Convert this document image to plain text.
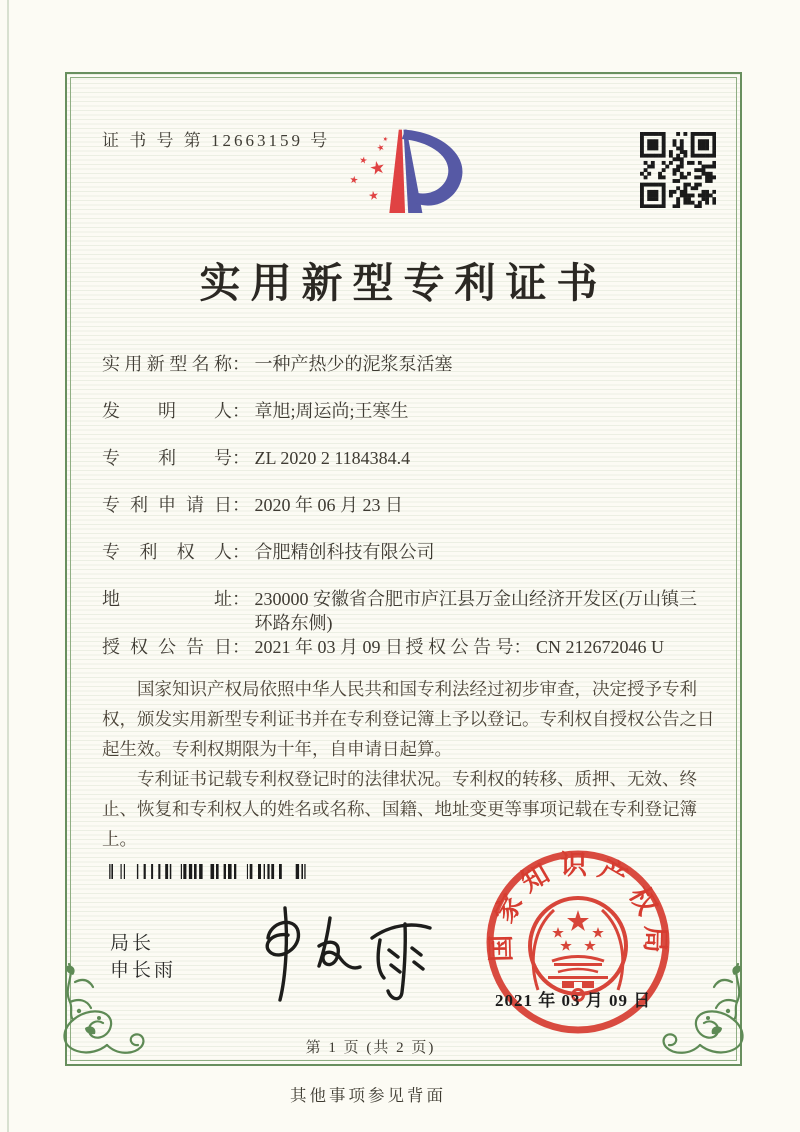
证 书 号 第 12663159 号
实用新型专利证书
实用新型名称： 一种产热少的泥浆泵活塞
发明人： 章旭;周运尚;王寒生
专利号： ZL 2020 2 1184384.4
专利申请日： 2020 年 06 月 23 日
专利权人： 合肥精创科技有限公司
地址： 230000 安徽省合肥市庐江县万金山经济开发区(万山镇三环路东侧)
授权公告日： 2021 年 03 月 09 日 授权公告号： CN 212672046 U

国家知识产权局依照中华人民共和国专利法经过初步审查，决定授予专利权，颁发实用新型专利证书并在专利登记簿上予以登记。专利权自授权公告之日起生效。专利权期限为十年，自申请日起算。

专利证书记载专利权登记时的法律状况。专利权的转移、质押、无效、终止、恢复和专利权人的姓名或名称、国籍、地址变更等事项记载在专利登记簿上。

局长
申长雨
国家知识产权局
2021 年 03 月 09 日
第 1 页 (共 2 页)
其他事项参见背面
